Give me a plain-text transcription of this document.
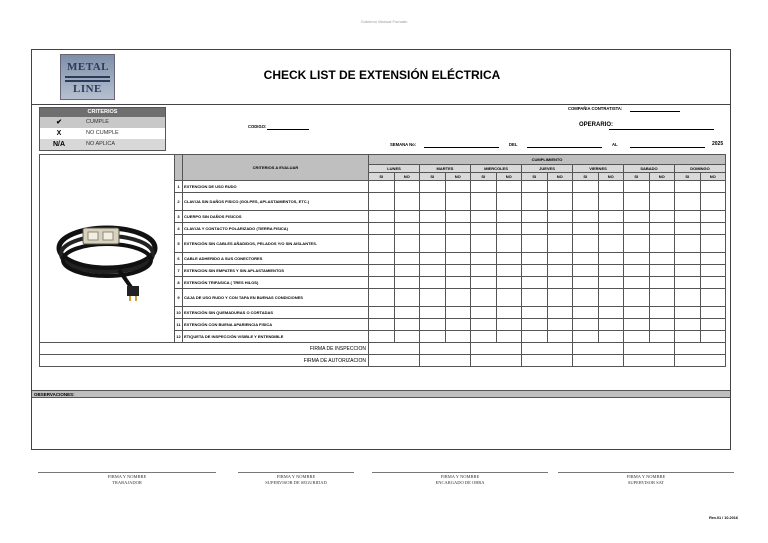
Gobierno Manual Formato
METAL
LINE
CHECK LIST DE EXTENSIÓN ELÉCTRICA
COMPAÑIA CONTRATISTA:
CODIGO:	OPERARIO:
SEMANA No:	DEL	AL	2025
CRITERIOS
✔	CUMPLE
X	NO CUMPLE
N/A	NO APLICA
		CRITERIOS A EVALUAR	CUMPLIMIENTO													
			LUNES		MARTES		MIERCOLES		JUEVES		VIERNES		SABADO		DOMINGO	
			SI	NO	SI	NO	SI	NO	SI	NO	SI	NO	SI	NO	SI	NO
	1	EXTENCION DE USO RUDO														
	2	CLAVIJA SIN DAÑOS FISICO (GOLPES, APLASTAMIENTOS, ETC.)														
	3	CUERPO SIN DAÑOS FISICOS														
	4	CLAVIJA Y CONTACTO POLARIZADO (TIERRA FISICA)														
	5	EXTENCIÓN SIN CABLES AÑADIDOS, PELADOS Y/O SIN AISLANTES.														
	6	CABLE ADHERIDO A SUS CONECTORES														
	7	EXTENCION SIN EMPATES Y SIN APLASTAMIENTOS														
	8	EXTENCIÓN TRIFASICA ( TRES HILOS)														
	9	CAJA DE USO RUDO Y CON TAPA EN BUENAS CONDICIONES														
	10	EXTENCIÓN SIN QUEMADURAS O CORTADAS														
	11	EXTENCIÓN CON BUENA APARIENCIA FISICA														
	12	ETIQUETA DE INSPECCIÓN VISIBLE Y ENTENDIBLE														
FIRMA DE INSPECCION																
FIRMA DE AUTORIZACION																
OBSERVACIONES:
FIRMA Y NOMBRE
TRABAJADOR
FIRMA Y NOMBRE
SUPERVISOR DE SEGURIDAD
FIRMA Y NOMBRE
ENCARGADO DE OBRA
FIRMA Y NOMBRE
SUPERVISOR SAT
Rev.01 / 10.2016
